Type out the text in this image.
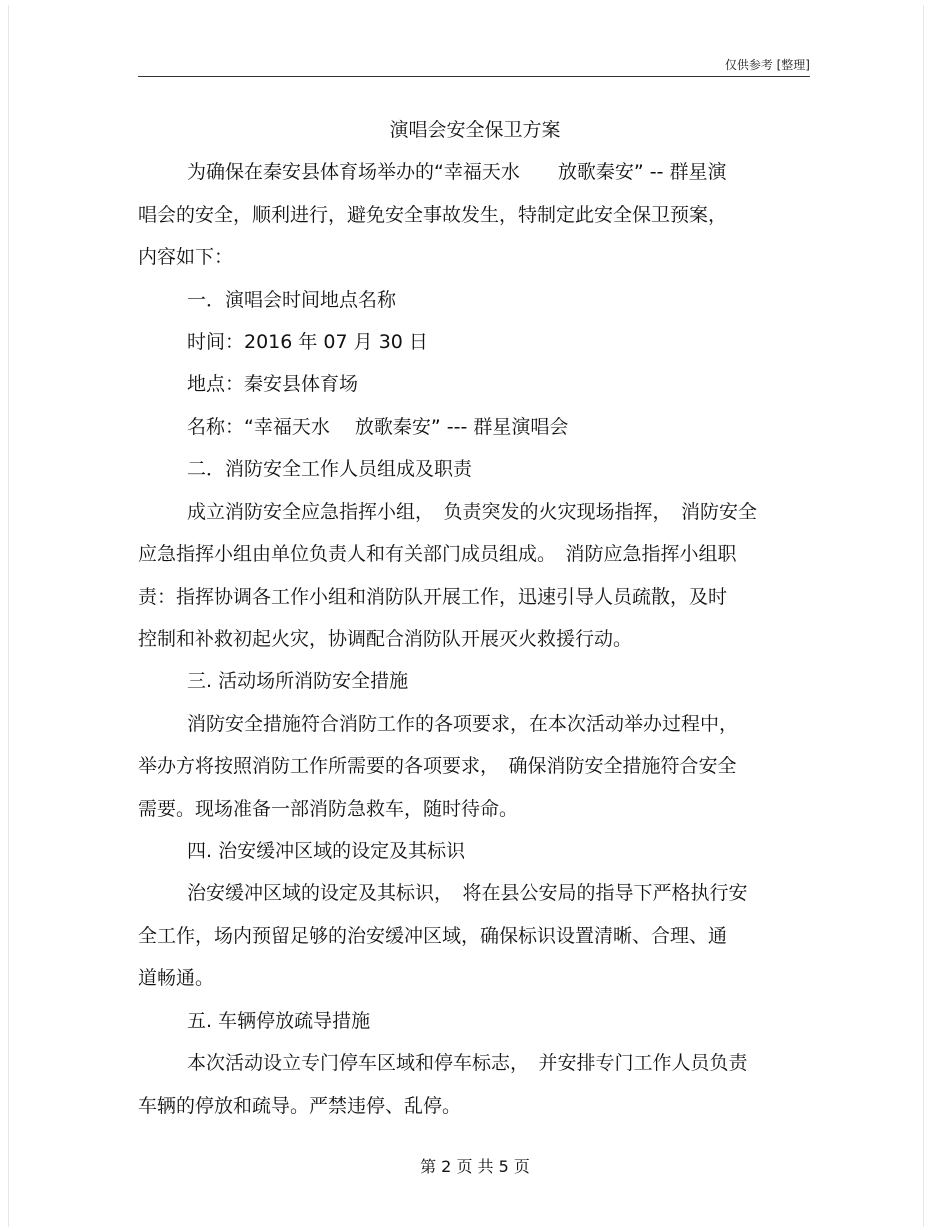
仅供参考 [整理]
演唱会安全保卫方案
为确保在秦安县体育场举办的“幸福天水　　放歌秦安” -- 群星演
唱会的安全，顺利进行，避免安全事故发生，特制定此安全保卫预案，
内容如下：
一．演唱会时间地点名称
时间：2016 年 07 月 30 日
地点：秦安县体育场
名称：“幸福天水　 放歌秦安” --- 群星演唱会
二．消防安全工作人员组成及职责
成立消防安全应急指挥小组，　负责突发的火灾现场指挥，　消防安全
应急指挥小组由单位负责人和有关部门成员组成。　消防应急指挥小组职
责：指挥协调各工作小组和消防队开展工作，迅速引导人员疏散，及时
控制和补救初起火灾，协调配合消防队开展灭火救援行动。
三. 活动场所消防安全措施
消防安全措施符合消防工作的各项要求，在本次活动举办过程中，
举办方将按照消防工作所需要的各项要求，　确保消防安全措施符合安全
需要。现场准备一部消防急救车，随时待命。
四. 治安缓冲区域的设定及其标识
治安缓冲区域的设定及其标识，　将在县公安局的指导下严格执行安
全工作，场内预留足够的治安缓冲区域，确保标识设置清晰、合理、通
道畅通。
五. 车辆停放疏导措施
本次活动设立专门停车区域和停车标志，　并安排专门工作人员负责
车辆的停放和疏导。严禁违停、乱停。
第 2 页 共 5 页
